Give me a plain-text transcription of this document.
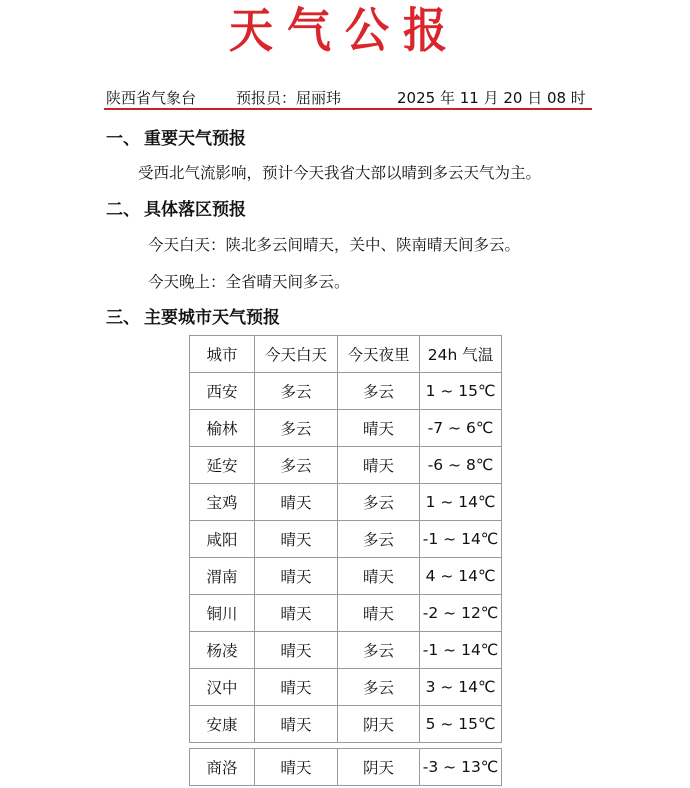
天气公报
陕西省气象台	预报员：屈丽玮	2025 年 11 月 20 日 08 时
一、 重要天气预报
受西北气流影响，预计今天我省大部以晴到多云天气为主。
二、 具体落区预报
今天白天：陕北多云间晴天，关中、陕南晴天间多云。
今天晚上：全省晴天间多云。
三、 主要城市天气预报
城市	今天白天	今天夜里	24h 气温
西安	多云	多云	1 ~ 15℃
榆林	多云	晴天	-7 ~ 6℃
延安	多云	晴天	-6 ~ 8℃
宝鸡	晴天	多云	1 ~ 14℃
咸阳	晴天	多云	-1 ~ 14℃
渭南	晴天	晴天	4 ~ 14℃
铜川	晴天	晴天	-2 ~ 12℃
杨凌	晴天	多云	-1 ~ 14℃
汉中	晴天	多云	3 ~ 14℃
安康	晴天	阴天	5 ~ 15℃
商洛	晴天	阴天	-3 ~ 13℃
